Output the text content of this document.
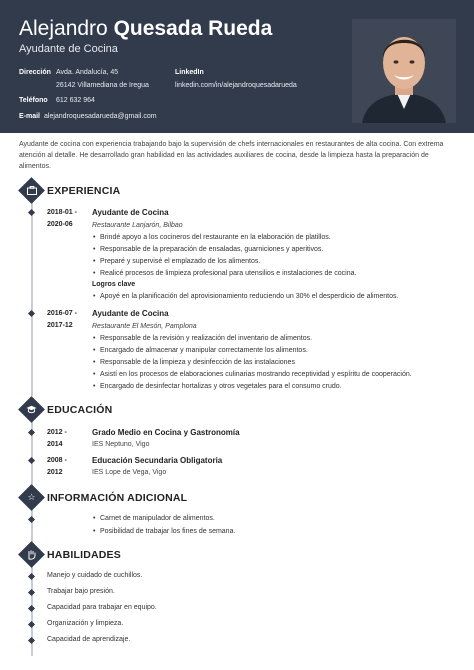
Alejandro Quesada Rueda
Ayudante de Cocina
Dirección Avda. Andalucía, 45
26142 Villamediana de Iregua
LinkedIn
linkedin.com/in/alejandroquesadarueda
Teléfono 612 632 964
E-mail alejandroquesadarueda@gmail.com
Ayudante de cocina con experiencia trabajando bajo la supervisión de chefs internacionales en restaurantes de alta cocina. Con extrema atención al detalle. He desarrollado gran habilidad en las actividades auxiliares de cocina, desde la limpieza hasta la preparación de alimentos.
EXPERIENCIA
2018-01 -
2020-06
Ayudante de Cocina
Restaurante Lanjarón, Bilbao
• Brindé apoyo a los cocineros del restaurante en la elaboración de platillos.
• Responsable de la preparación de ensaladas, guarniciones y aperitivos.
• Preparé y supervisé el emplazado de los alimentos.
• Realicé procesos de limpieza profesional para utensilios e instalaciones de cocina.
Logros clave
• Apoyé en la planificación del aprovisionamiento reduciendo un 30% el desperdicio de alimentos.
2016-07 -
2017-12
Ayudante de Cocina
Restaurante El Mesón, Pamplona
• Responsable de la revisión y realización del inventario de alimentos.
• Encargado de almacenar y manipular correctamente los alimentos.
• Responsable de la limpieza y desinfección de las instalaciones
• Asistí en los procesos de elaboraciones culinarias mostrando receptividad y espíritu de cooperación.
• Encargado de desinfectar hortalizas y otros vegetales para el consumo crudo.
EDUCACIÓN
2012 -
2014
Grado Medio en Cocina y Gastronomía
IES Neptuno, Vigo
2008 -
2012
Educación Secundaria Obligatoria
IES Lope de Vega, Vigo
☆	INFORMACIÓN ADICIONAL
• Carnet de manipulador de alimentos.
• Posibilidad de trabajar los fines de semana.
HABILIDADES
Manejo y cuidado de cuchillos.
Trabajar bajo presión.
Capacidad para trabajar en equipo.
Organización y limpieza.
Capacidad de aprendizaje.
